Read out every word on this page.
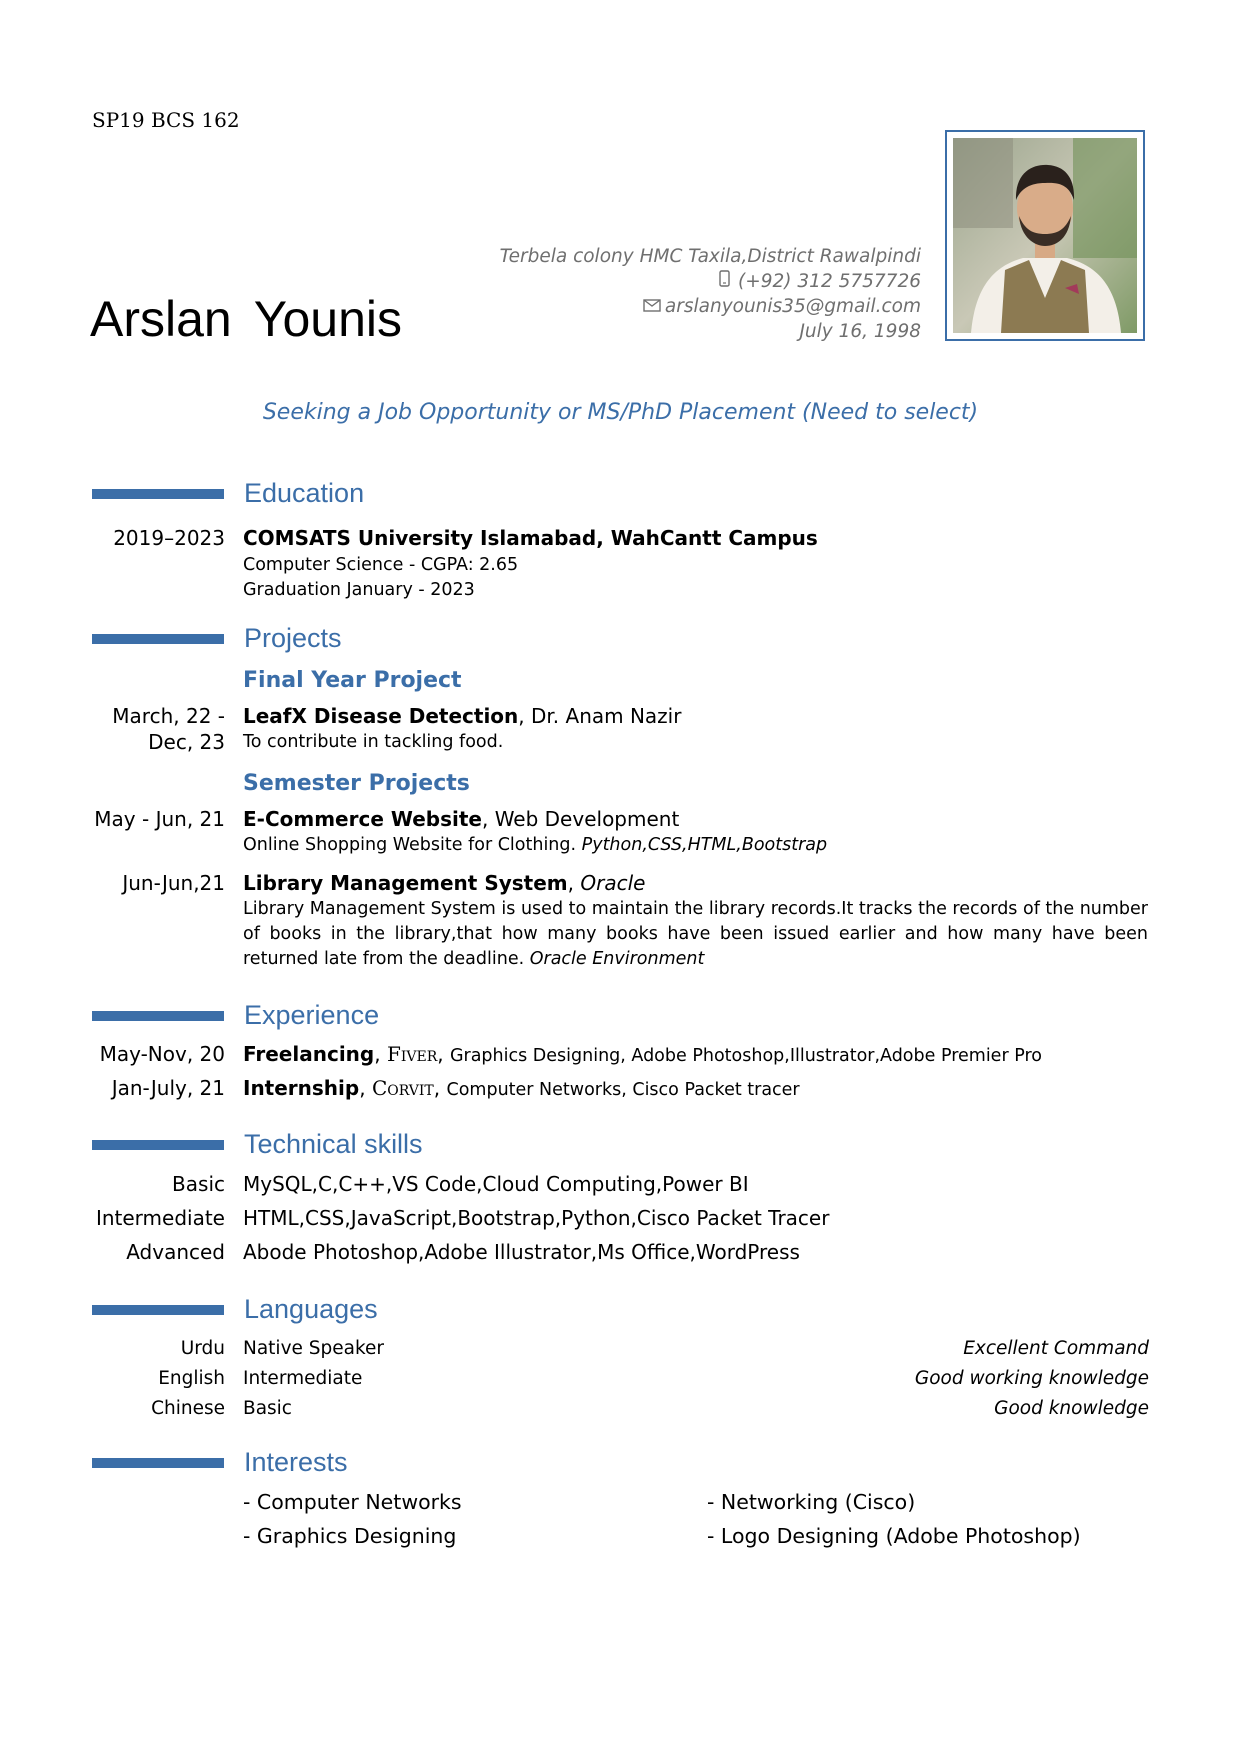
SP19 BCS 162
Arslan Younis
Terbela colony HMC Taxila,District Rawalpindi
(+92) 312 5757726
arslanyounis35@gmail.com
July 16, 1998
Seeking a Job Opportunity or MS/PhD Placement (Need to select)
Education
2019–2023 COMSATS University Islamabad, WahCantt Campus
Computer Science - CGPA: 2.65
Graduation January - 2023
Projects
Final Year Project
March, 22 -
Dec, 23
LeafX Disease Detection, Dr. Anam Nazir
To contribute in tackling food.
Semester Projects
May - Jun, 21 E-Commerce Website, Web Development
Online Shopping Website for Clothing. Python,CSS,HTML,Bootstrap
Jun-Jun,21 Library Management System, Oracle
Library Management System is used to maintain the library records.It tracks the records of the number of books in the library,that how many books have been issued earlier and how many have been returned late from the deadline. Oracle Environment
Experience
May-Nov, 20 Freelancing, Fiver, Graphics Designing, Adobe Photoshop,Illustrator,Adobe Premier Pro
Jan-July, 21 Internship, Corvit, Computer Networks, Cisco Packet tracer
Technical skills
Basic MySQL,C,C++,VS Code,Cloud Computing,Power BI
Intermediate HTML,CSS,JavaScript,Bootstrap,Python,Cisco Packet Tracer
Advanced Abode Photoshop,Adobe Illustrator,Ms Office,WordPress
Languages
Urdu Native Speaker	Excellent Command
English Intermediate	Good working knowledge
Chinese Basic	Good knowledge
Interests
- Computer Networks	- Networking (Cisco)
- Graphics Designing	- Logo Designing (Adobe Photoshop)
